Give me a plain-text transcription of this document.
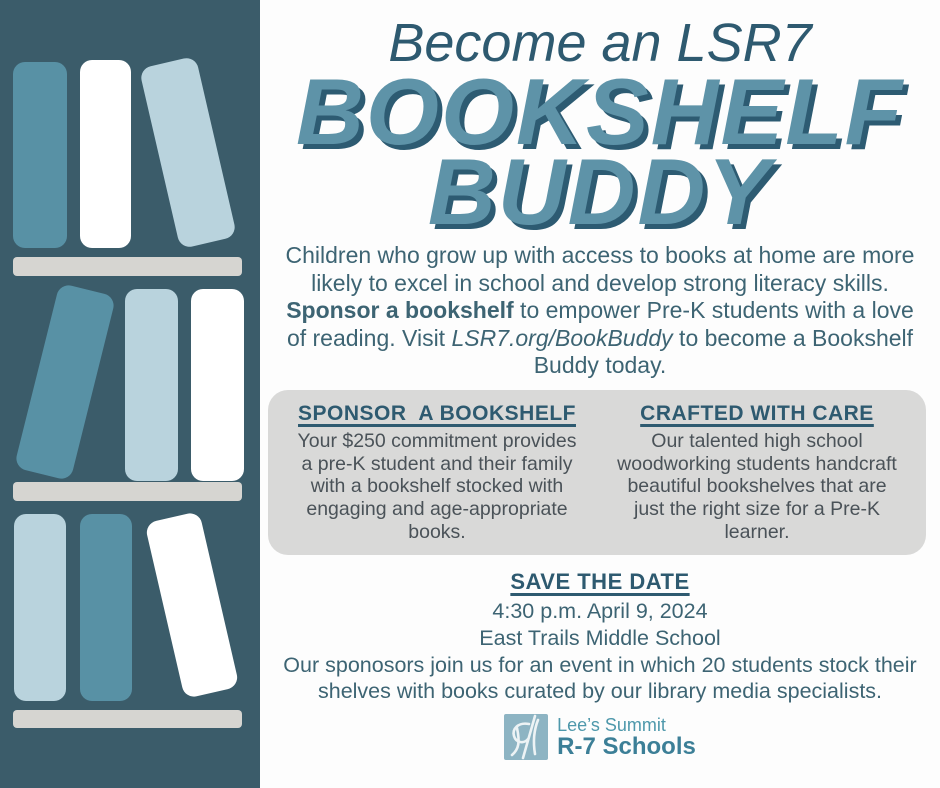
Become an LSR7
BOOKSHELF
BUDDY

Children who grow up with access to books at home are more likely to excel in school and develop strong literacy skills. Sponsor a bookshelf to empower Pre-K students with a love of reading. Visit LSR7.org/BookBuddy to become a Bookshelf Buddy today.

SPONSOR  A BOOKSHELF

Your $250 commitment provides a pre-K student and their family with a bookshelf stocked with engaging and age-appropriate books.

CRAFTED WITH CARE

Our talented high school woodworking students handcraft beautiful bookshelves that are just the right size for a Pre-K learner.

SAVE THE DATE
4:30 p.m. April 9, 2024
East Trails Middle School

Our sponosors join us for an event in which 20 students stock their shelves with books curated by our library media specialists.

Lee’s Summit
R-7 Schools
